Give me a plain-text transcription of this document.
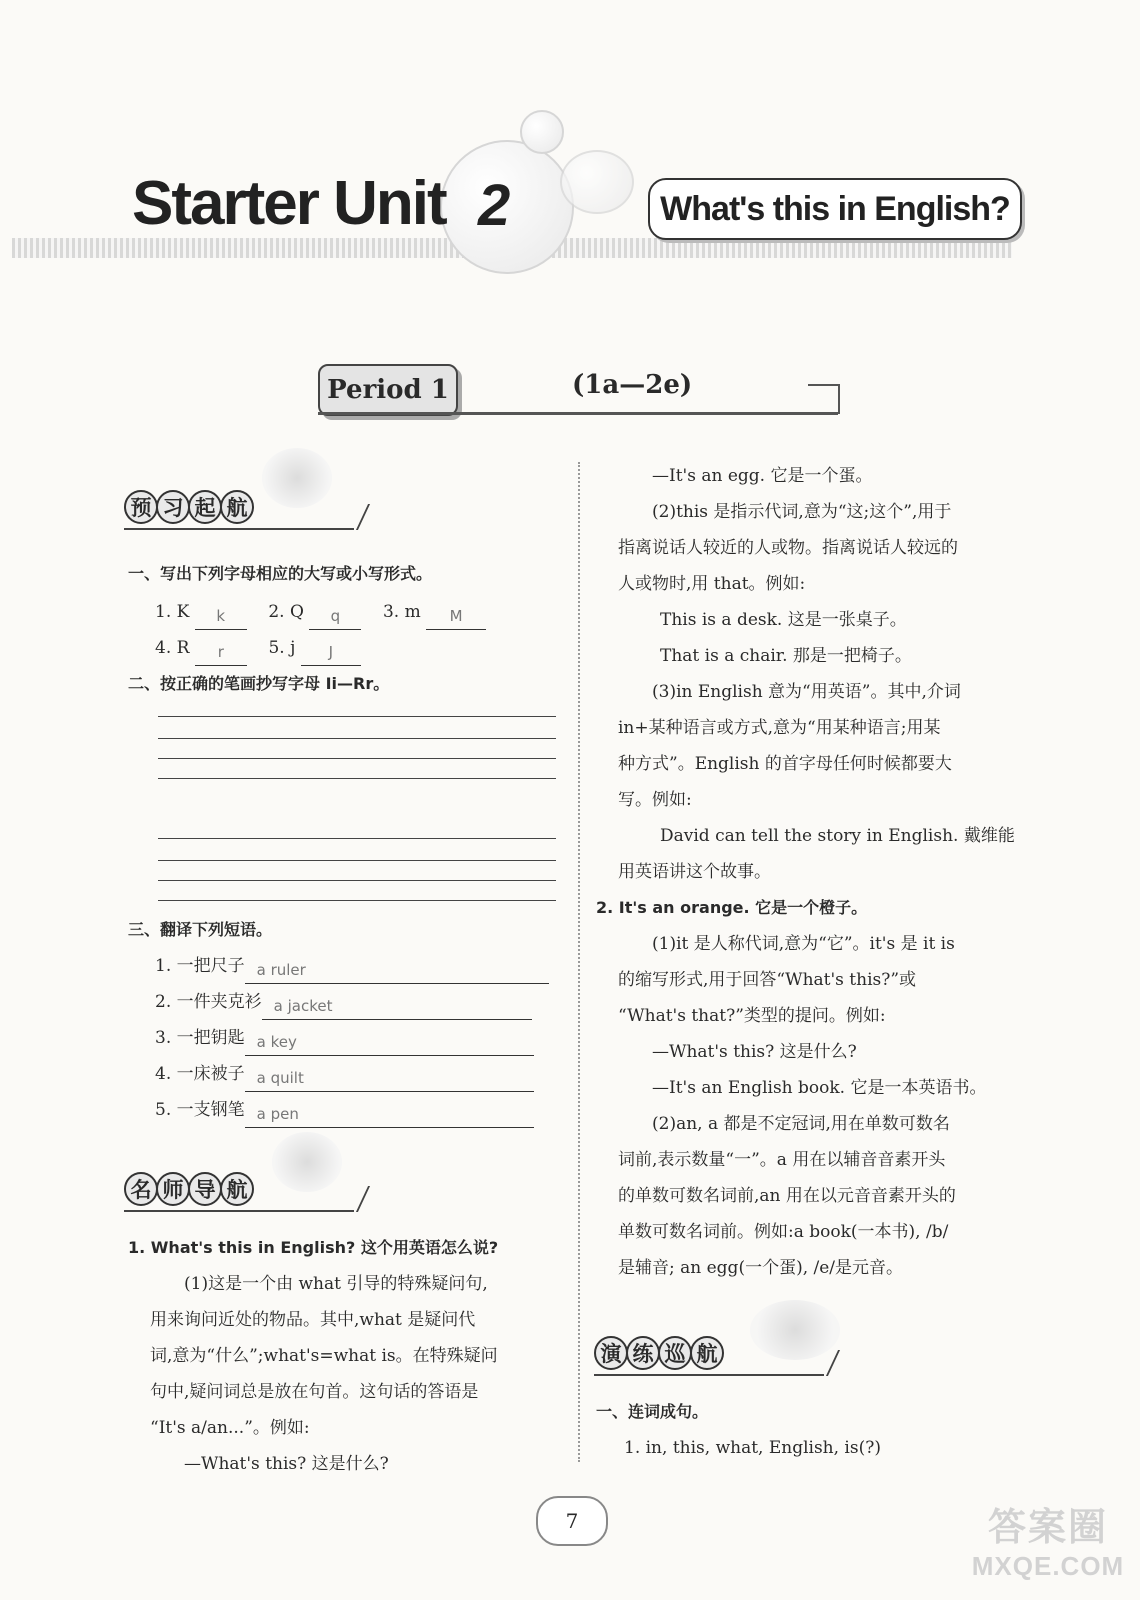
Starter Unit 2	What's this in English?
Period 1	(1a—2e)
预 习 起 航
一、写出下列字母相应的大写或小写形式。
1. K k	2. Q q	3. m M
4. R r	5. j J
二、按正确的笔画抄写字母 Ii—Rr。
三、翻译下列短语。
1. 一把尺子 a ruler
2. 一件夹克衫 a jacket
3. 一把钥匙 a key
4. 一床被子 a quilt
5. 一支钢笔 a pen
名 师 导 航
1. What's this in English? 这个用英语怎么说?
(1)这是一个由 what 引导的特殊疑问句,
用来询问近处的物品。其中,what 是疑问代
词,意为“什么”;what's=what is。在特殊疑问
句中,疑问词总是放在句首。这句话的答语是
“It's a/an...”。例如:
—What's this? 这是什么?
—It's an egg. 它是一个蛋。
(2)this 是指示代词,意为“这;这个”,用于
指离说话人较近的人或物。指离说话人较远的
人或物时,用 that。例如:
This is a desk. 这是一张桌子。
That is a chair. 那是一把椅子。
(3)in English 意为“用英语”。其中,介词
in+某种语言或方式,意为“用某种语言;用某
种方式”。English 的首字母任何时候都要大
写。例如:
David can tell the story in English. 戴维能
用英语讲这个故事。
2. It's an orange. 它是一个橙子。
(1)it 是人称代词,意为“它”。it's 是 it is
的缩写形式,用于回答“What's this?”或
“What's that?”类型的提问。例如:
—What's this? 这是什么?
—It's an English book. 它是一本英语书。
(2)an, a 都是不定冠词,用在单数可数名
词前,表示数量“一”。a 用在以辅音音素开头
的单数可数名词前,an 用在以元音音素开头的
单数可数名词前。例如:a book(一本书), /b/
是辅音; an egg(一个蛋), /e/是元音。
演 练 巡 航
一、连词成句。
1. in, this, what, English, is(?)
7	答案圈
MXQE.COM
